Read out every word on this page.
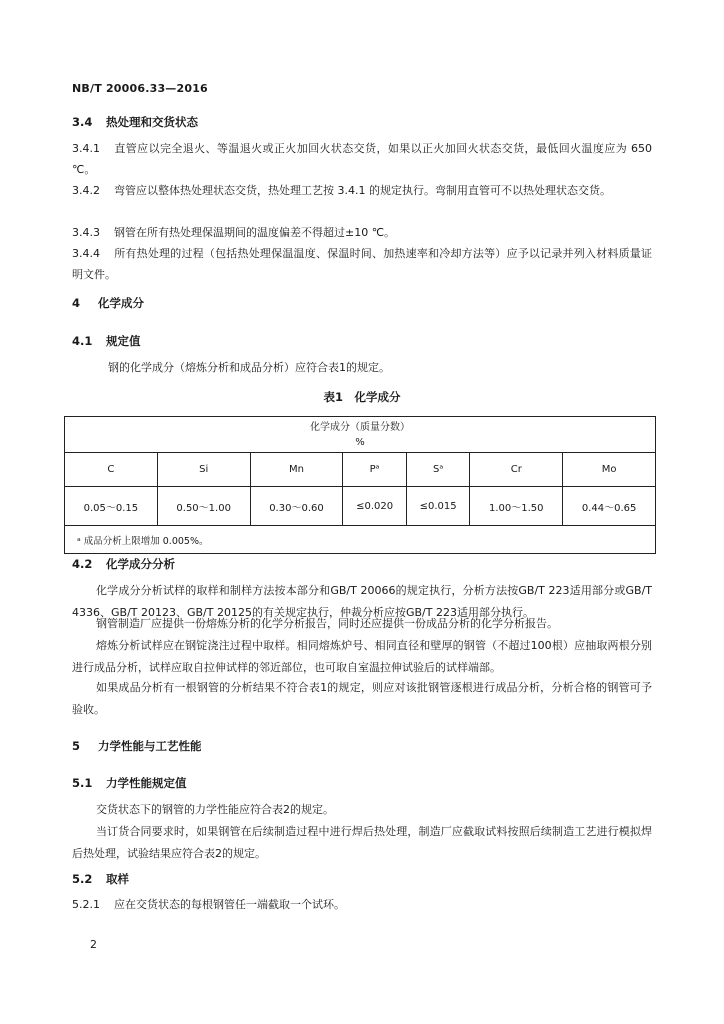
NB/T 20006.33—2016
3.4 热处理和交货状态
3.4.1 直管应以完全退火、等温退火或正火加回火状态交货，如果以正火加回火状态交货，最低回火温度应为 650 ℃。
3.4.2 弯管应以整体热处理状态交货，热处理工艺按 3.4.1 的规定执行。弯制用直管可不以热处理状态交货。
3.4.3 钢管在所有热处理保温期间的温度偏差不得超过±10 ℃。
3.4.4 所有热处理的过程（包括热处理保温温度、保温时间、加热速率和冷却方法等）应予以记录并列入材料质量证明文件。
4 化学成分
4.1 规定值
钢的化学成分（熔炼分析和成品分析）应符合表1的规定。
表1　化学成分
化学成分（质量分数）
%						

C	Si	Mn	Pᵃ	Sᵃ	Cr	Mo
0.05～0.15	0.50～1.00	0.30～0.60	≤0.020	≤0.015	1.00～1.50	0.44～0.65
ᵃ 成品分析上限增加 0.005%。						
4.2 化学成分分析
化学成分分析试样的取样和制样方法按本部分和GB/T 20066的规定执行，分析方法按GB/T 223适用部分或GB/T 4336、GB/T 20123、GB/T 20125的有关规定执行，仲裁分析应按GB/T 223适用部分执行。
钢管制造厂应提供一份熔炼分析的化学分析报告，同时还应提供一份成品分析的化学分析报告。
熔炼分析试样应在钢锭浇注过程中取样。相同熔炼炉号、相同直径和壁厚的钢管（不超过100根）应抽取两根分别进行成品分析，试样应取自拉伸试样的邻近部位，也可取自室温拉伸试验后的试样端部。
如果成品分析有一根钢管的分析结果不符合表1的规定，则应对该批钢管逐根进行成品分析，分析合格的钢管可予验收。
5 力学性能与工艺性能
5.1 力学性能规定值
交货状态下的钢管的力学性能应符合表2的规定。
当订货合同要求时，如果钢管在后续制造过程中进行焊后热处理，制造厂应截取试料按照后续制造工艺进行模拟焊后热处理，试验结果应符合表2的规定。
5.2 取样
5.2.1 应在交货状态的每根钢管任一端截取一个试环。
2
